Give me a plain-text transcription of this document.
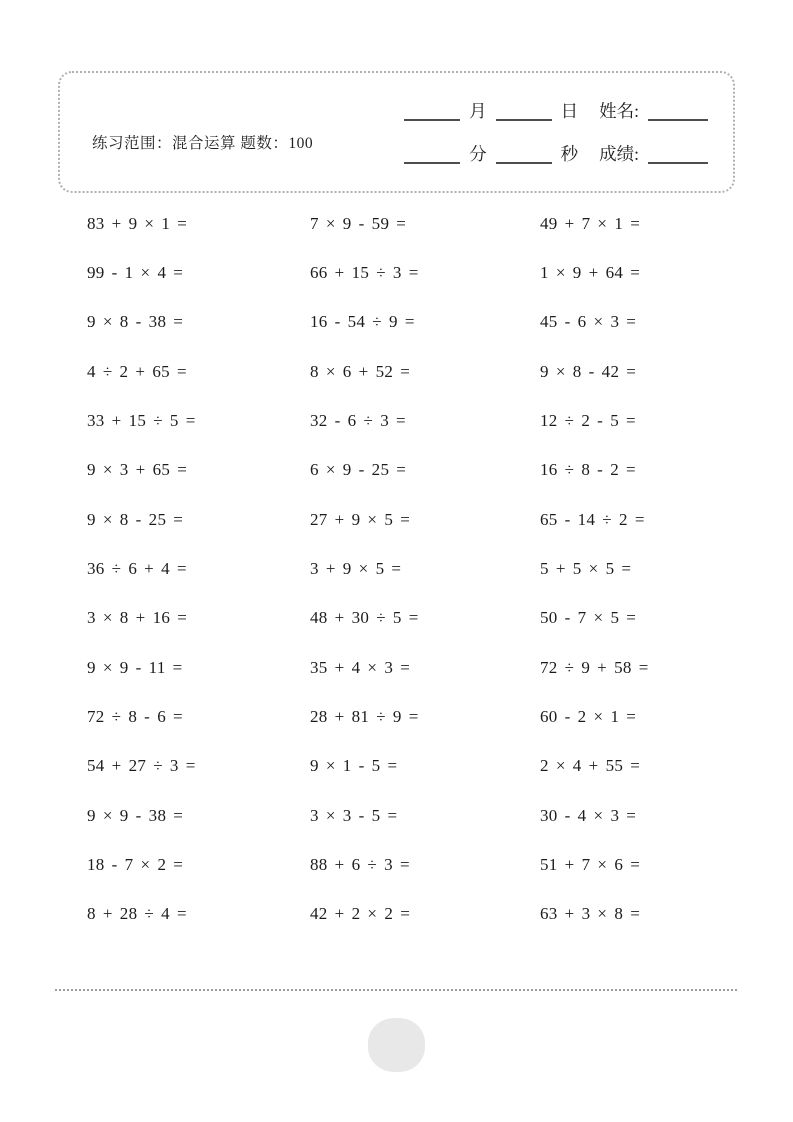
练习范围：混合运算 题数：100
月	日 姓名:
分	秒 成绩:
83 + 9 × 1 =	7 × 9 - 59 =	49 + 7 × 1 =
99 - 1 × 4 =	66 + 15 ÷ 3 =	1 × 9 + 64 =
9 × 8 - 38 =	16 - 54 ÷ 9 =	45 - 6 × 3 =
4 ÷ 2 + 65 =	8 × 6 + 52 =	9 × 8 - 42 =
33 + 15 ÷ 5 =	32 - 6 ÷ 3 =	12 ÷ 2 - 5 =
9 × 3 + 65 =	6 × 9 - 25 =	16 ÷ 8 - 2 =
9 × 8 - 25 =	27 + 9 × 5 =	65 - 14 ÷ 2 =
36 ÷ 6 + 4 =	3 + 9 × 5 =	5 + 5 × 5 =
3 × 8 + 16 =	48 + 30 ÷ 5 =	50 - 7 × 5 =
9 × 9 - 11 =	35 + 4 × 3 =	72 ÷ 9 + 58 =
72 ÷ 8 - 6 =	28 + 81 ÷ 9 =	60 - 2 × 1 =
54 + 27 ÷ 3 =	9 × 1 - 5 =	2 × 4 + 55 =
9 × 9 - 38 =	3 × 3 - 5 =	30 - 4 × 3 =
18 - 7 × 2 =	88 + 6 ÷ 3 =	51 + 7 × 6 =
8 + 28 ÷ 4 =	42 + 2 × 2 =	63 + 3 × 8 =
